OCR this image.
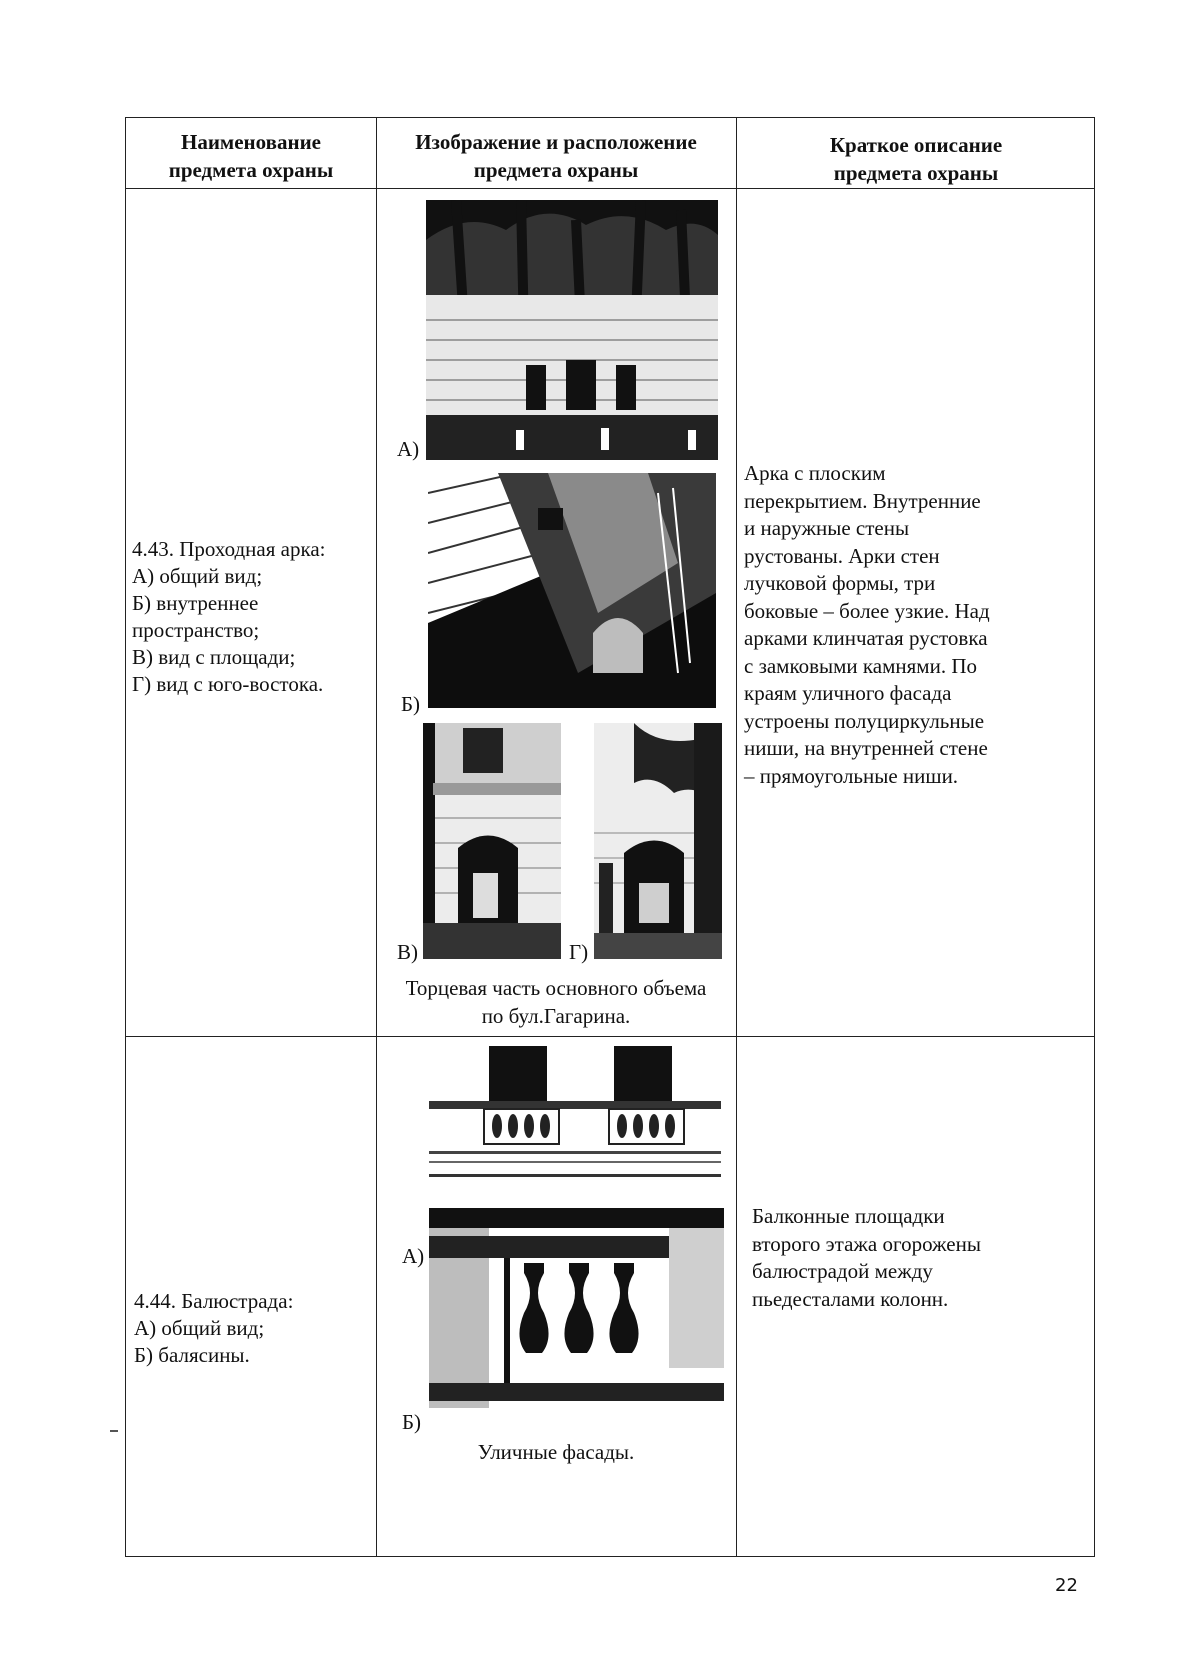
Наименование
предмета охраны
Изображение и расположение
предмета охраны
Краткое описание
предмета охраны
4.43. Проходная арка:
А) общий вид;
Б) внутреннее
пространство;
В) вид с площади;
Г) вид с юго-востока.
А)
Б)
В)	Г)
Торцевая часть основного объема
по бул.Гагарина.
Арка с плоским
перекрытием. Внутренние
и наружные стены
рустованы. Арки стен
лучковой формы, три
боковые – более узкие. Над
арками клинчатая рустовка
с замковыми камнями. По
краям уличного фасада
устроены полуциркульные
ниши, на внутренней стене
– прямоугольные ниши.
4.44. Балюстрада:
А) общий вид;
Б) балясины.
А)
Б)
Уличные фасады.
Балконные площадки
второго этажа огорожены
балюстрадой между
пьедесталами колонн.
22
